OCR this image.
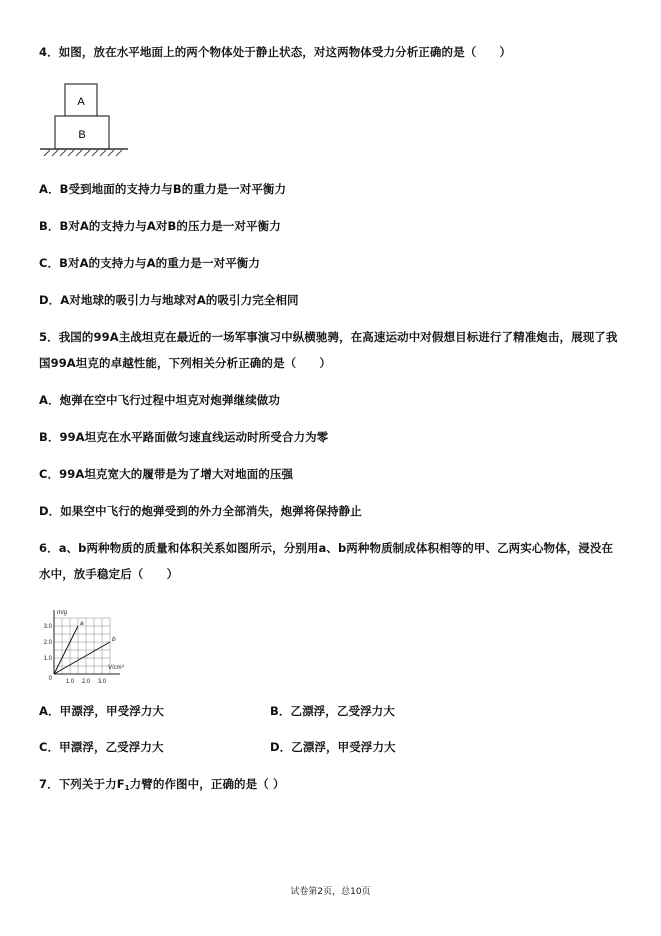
4．如图，放在水平地面上的两个物体处于静止状态，对这两物体受力分析正确的是（　　）
A
B
A．B受到地面的支持力与B的重力是一对平衡力
B．B对A的支持力与A对B的压力是一对平衡力
C．B对A的支持力与A的重力是一对平衡力
D．A对地球的吸引力与地球对A的吸引力完全相同
5．我国的99A主战坦克在最近的一场军事演习中纵横驰骋，在高速运动中对假想目标进行了精准炮击，展现了我
国99A坦克的卓越性能，下列相关分析正确的是（　　）
A．炮弹在空中飞行过程中坦克对炮弹继续做功
B．99A坦克在水平路面做匀速直线运动时所受合力为零
C．99A坦克宽大的履带是为了增大对地面的压强
D．如果空中飞行的炮弹受到的外力全部消失，炮弹将保持静止
6．a、b两种物质的质量和体积关系如图所示，分别用a、b两种物质制成体积相等的甲、乙两实心物体，浸没在
水中，放手稳定后（　　）
a
b
1.0 2.0 3.0
1.0
2.0
3.0
0
m/g
V/cm³
A．甲漂浮，甲受浮力大	B．乙漂浮，乙受浮力大
C．甲漂浮，乙受浮力大	D．乙漂浮，甲受浮力大
7．下列关于力$F_1$力臂的作图中，正确的是（ ）
试卷第2页，总10页
